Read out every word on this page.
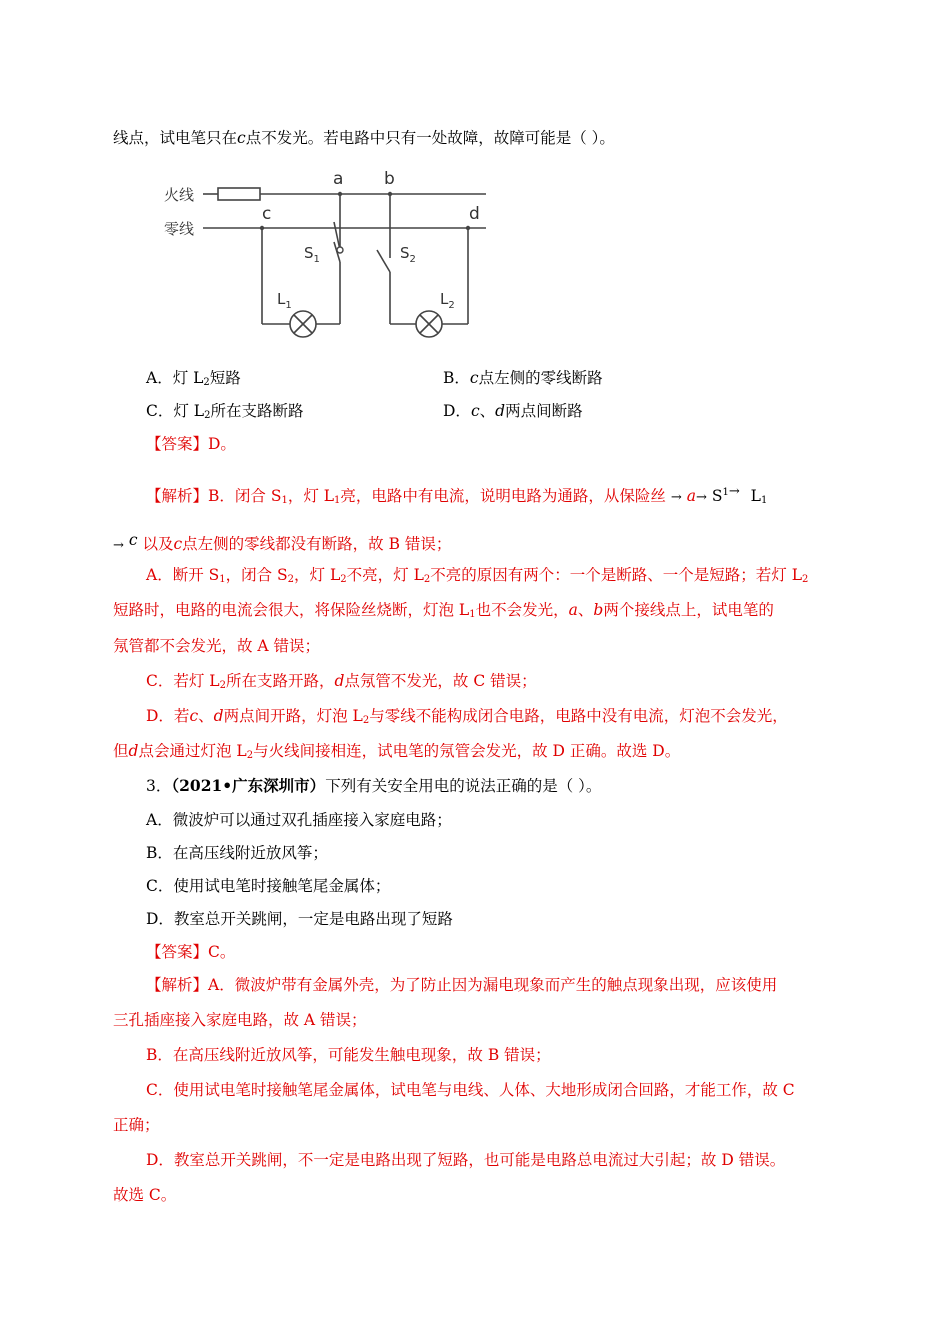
线点，试电笔只在c点不发光。若电路中只有一处故障，故障可能是（ ）。
火线
零线
a b
c	d
$S_1$	$S_2$
$L_1$	$L_2$
A．灯 $L_2$短路	B．c点左侧的零线断路
C．灯 $L_2$所在支路断路	D．c、d两点间断路
【答案】D。
【解析】B．闭合 $S_1$，灯 $L_1$亮，电路中有电流，说明电路为通路，从保险丝 → $a\to S^1\to L_1$
→ c 以及c点左侧的零线都没有断路，故 B 错误；
A．断开 $S_1$，闭合 $S_2$，灯 $L_2$不亮，灯 $L_2$不亮的原因有两个：一个是断路、一个是短路；若灯 $L_2$
短路时，电路的电流会很大，将保险丝烧断，灯泡 $L_1$也不会发光，a、b两个接线点上，试电笔的
氖管都不会发光，故 A 错误；
C．若灯 $L_2$所在支路开路，d点氖管不发光，故 C 错误；
D．若c、d两点间开路，灯泡 $L_2$与零线不能构成闭合电路，电路中没有电流，灯泡不会发光，
但d点会通过灯泡 $L_2$与火线间接相连，试电笔的氖管会发光，故 D 正确。故选 D。
3．（2021•广东深圳市）下列有关安全用电的说法正确的是（ ）。
A．微波炉可以通过双孔插座接入家庭电路；
B．在高压线附近放风筝；
C．使用试电笔时接触笔尾金属体；
D．教室总开关跳闸，一定是电路出现了短路
【答案】C。
【解析】A．微波炉带有金属外壳，为了防止因为漏电现象而产生的触点现象出现，应该使用
三孔插座接入家庭电路，故 A 错误；
B．在高压线附近放风筝，可能发生触电现象，故 B 错误；
C．使用试电笔时接触笔尾金属体，试电笔与电线、人体、大地形成闭合回路，才能工作，故 C
正确；
D．教室总开关跳闸，不一定是电路出现了短路，也可能是电路总电流过大引起；故 D 错误。
故选 C。
